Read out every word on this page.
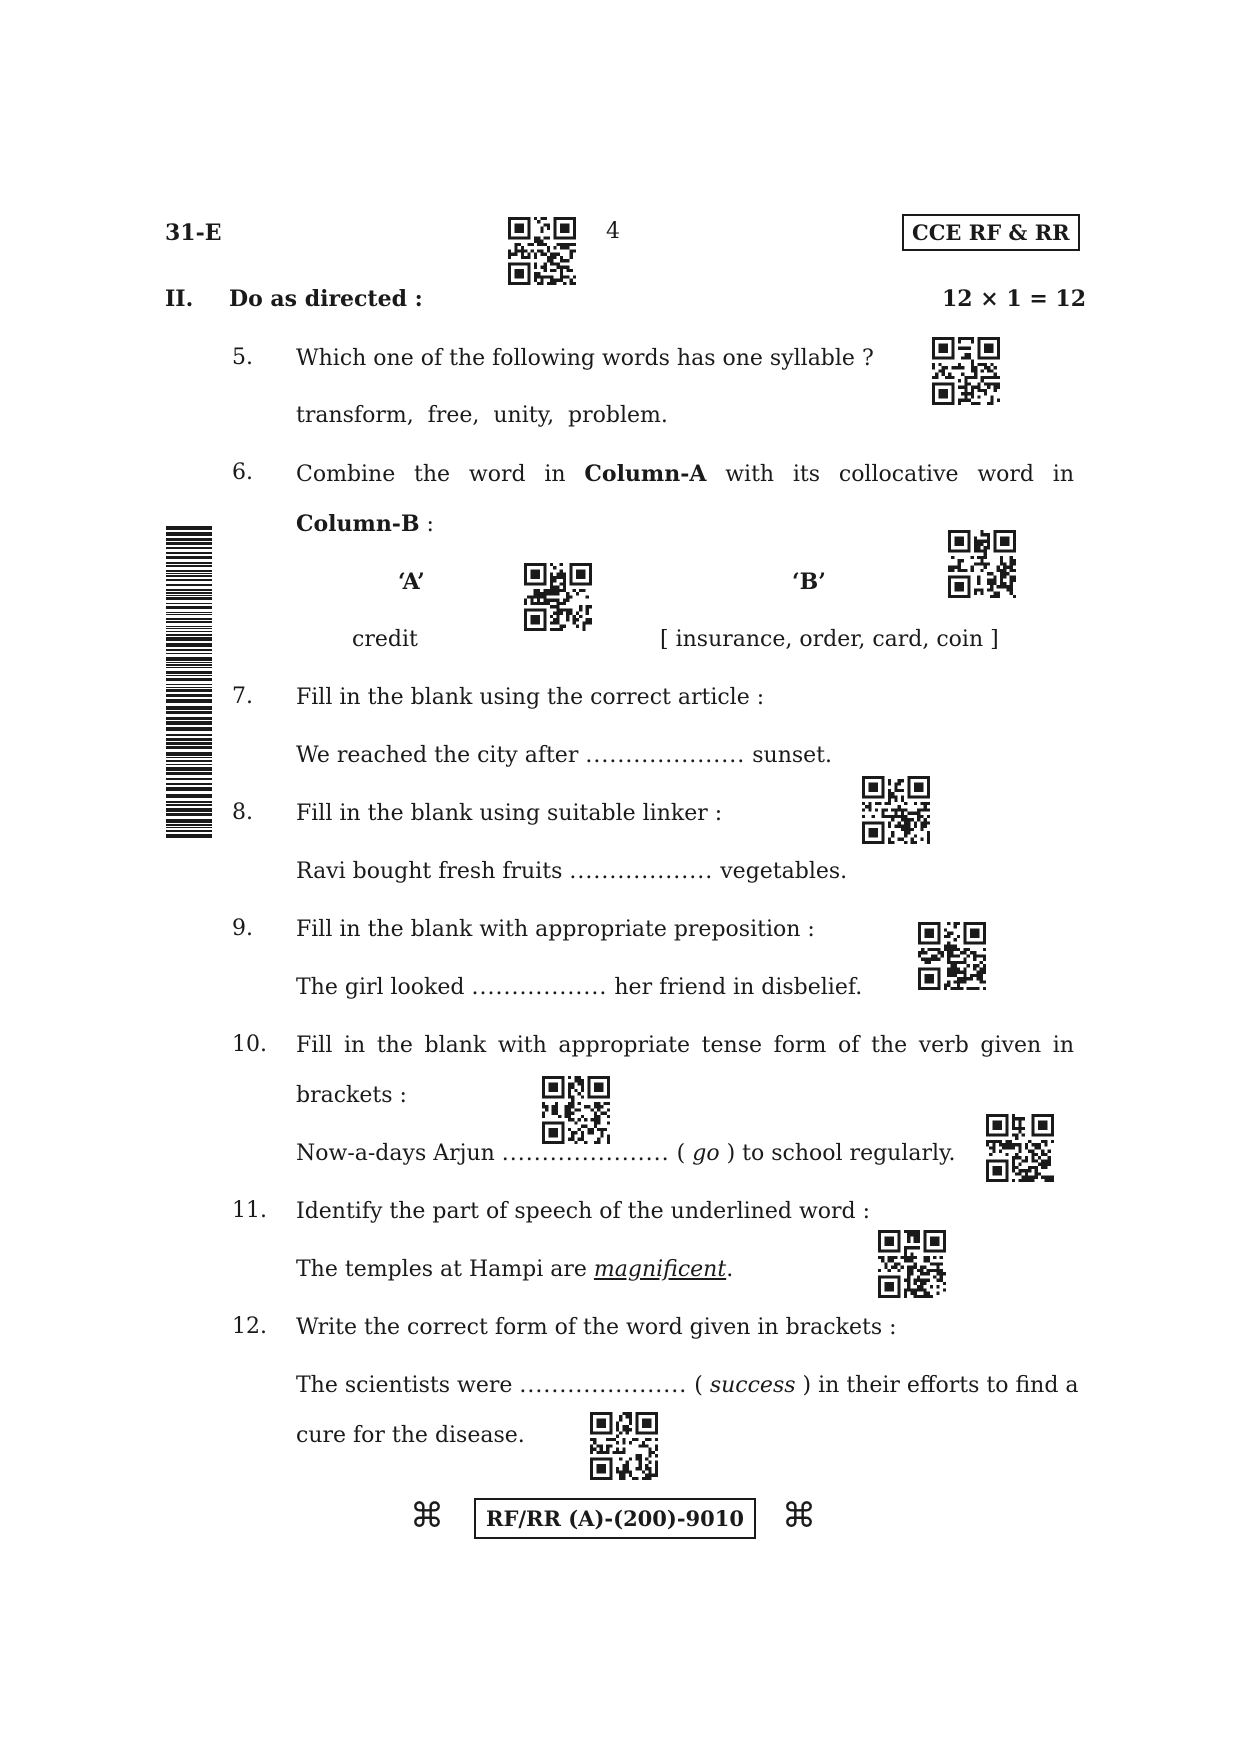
31-E	4	CCE RF & RR
II. Do as directed :	12 × 1 = 12
5. Which one of the following words has one syllable ?
transform,  free,  unity,  problem.
6. Combine the word in Column-A with its collocative word in
Column-B :
‘A’	‘B’
credit	[ insurance, order, card, coin ]
7. Fill in the blank using the correct article :
We reached the city after .................... sunset.
8. Fill in the blank using suitable linker :
Ravi bought fresh fruits .................. vegetables.
9. Fill in the blank with appropriate preposition :
The girl looked ................. her friend in disbelief.
10. Fill in the blank with appropriate tense form of the verb given in
brackets :
Now-a-days Arjun ..................... ( go ) to school regularly.
11. Identify the part of speech of the underlined word :
The temples at Hampi are magnificent.
12. Write the correct form of the word given in brackets :
The scientists were ..................... ( success ) in their efforts to find a
cure for the disease.
⌘	RF/RR (A)-(200)-9010	⌘
